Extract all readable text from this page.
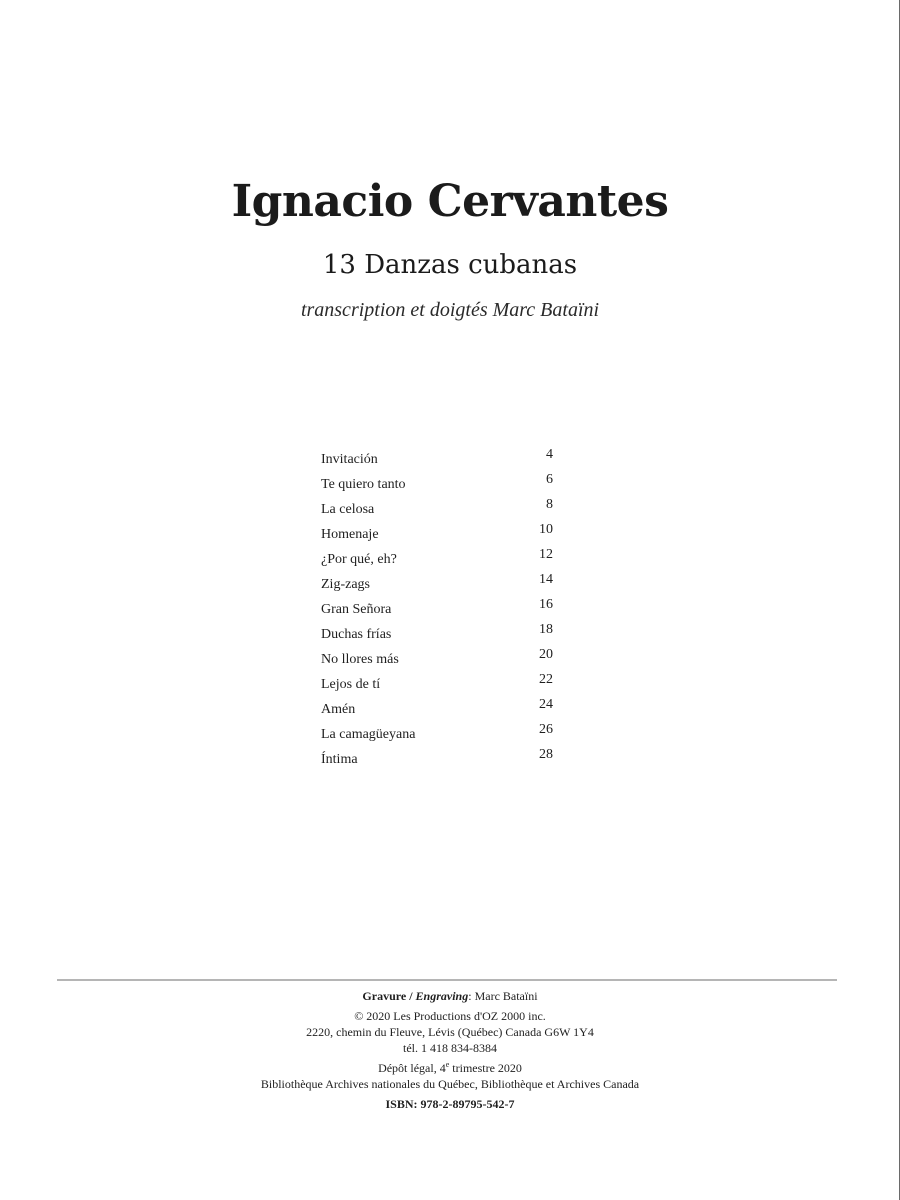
Ignacio Cervantes
13 Danzas cubanas
transcription et doigtés Marc Bataïni
Invitación	4
Te quiero tanto	6
La celosa	8
Homenaje	10
¿Por qué, eh?	12
Zig-zags	14
Gran Señora	16
Duchas frías	18
No llores más	20
Lejos de tí	22
Amén	24
La camagüeyana	26
Íntima	28
Gravure / Engraving: Marc Bataïni
© 2020 Les Productions d'OZ 2000 inc.
2220, chemin du Fleuve, Lévis (Québec) Canada G6W 1Y4
tél. 1 418 834-8384
Dépôt légal, 4e trimestre 2020
Bibliothèque Archives nationales du Québec, Bibliothèque et Archives Canada
ISBN: 978-2-89795-542-7
